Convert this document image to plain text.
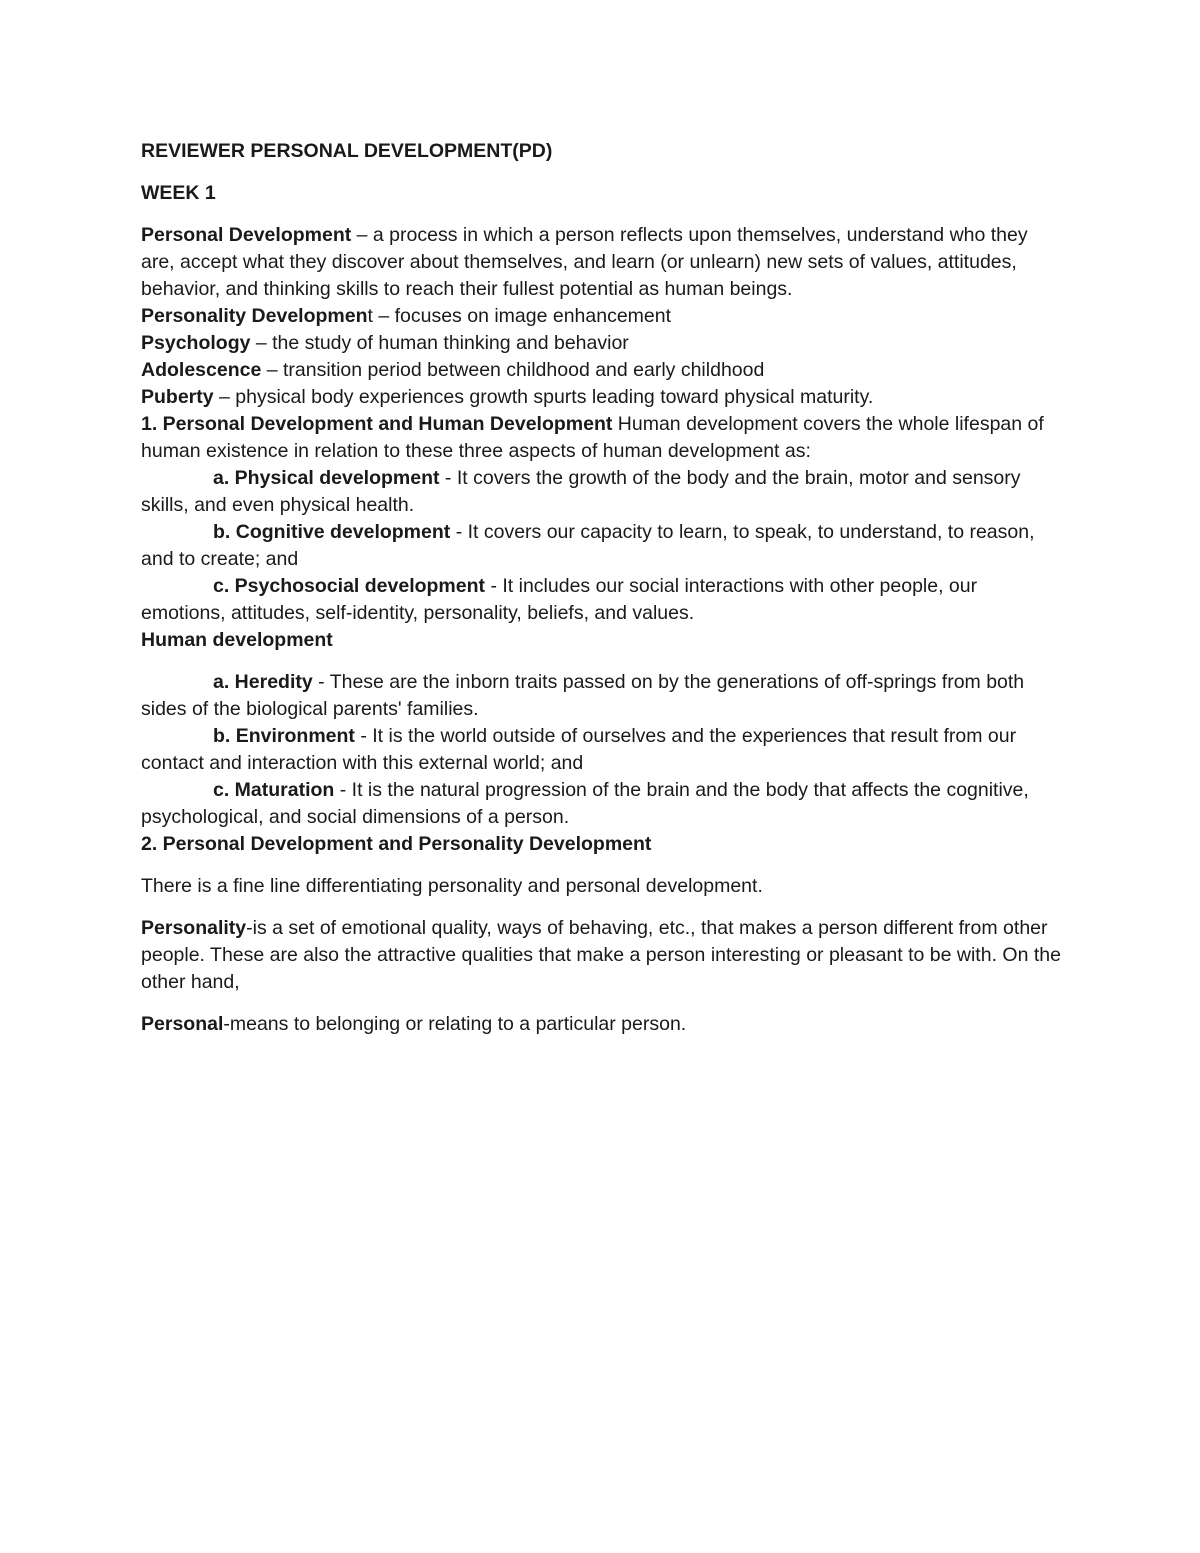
REVIEWER PERSONAL DEVELOPMENT(PD)

WEEK 1

Personal Development – a process in which a person reflects upon themselves, understand who they are, accept what they discover about themselves, and learn (or unlearn) new sets of values, attitudes, behavior, and thinking skills to reach their fullest potential as human beings.

Personality Development – focuses on image enhancement

Psychology – the study of human thinking and behavior

Adolescence – transition period between childhood and early childhood

Puberty – physical body experiences growth spurts leading toward physical maturity.

1. Personal Development and Human Development Human development covers the whole lifespan of human existence in relation to these three aspects of human development as:

a. Physical development - It covers the growth of the body and the brain, motor and sensory skills, and even physical health.

b. Cognitive development - It covers our capacity to learn, to speak, to understand, to reason, and to create; and

c. Psychosocial development - It includes our social interactions with other people, our emotions, attitudes, self-identity, personality, beliefs, and values.

Human development

a. Heredity - These are the inborn traits passed on by the generations of off-springs from both sides of the biological parents' families.

b. Environment - It is the world outside of ourselves and the experiences that result from our contact and interaction with this external world; and

c. Maturation - It is the natural progression of the brain and the body that affects the cognitive, psychological, and social dimensions of a person.

2. Personal Development and Personality Development

There is a fine line differentiating personality and personal development.

Personality-is a set of emotional quality, ways of behaving, etc., that makes a person different from other people. These are also the attractive qualities that make a person interesting or pleasant to be with. On the other hand,

Personal-means to belonging or relating to a particular person.
